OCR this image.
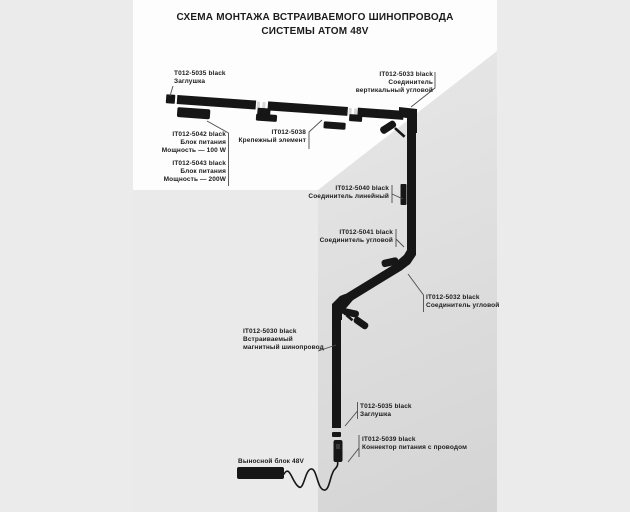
СХЕМА МОНТАЖА ВСТРАИВАЕМОГО ШИНОПРОВОДА
СИСТЕМЫ ATOM 48V
T012-5035 black
Заглушка
IT012-5033 black
Соединитель
вертикальный угловой
IT012-5042 black
Блок питания
Мощность — 100 W
IT012-5043 black
Блок питания
Мощность — 200W
IT012-5038
Крепежный элемент
IT012-5040 black
Соединитель линейный
IT012-5041 black
Соединитель угловой
IT012-5032 black
Соединитель угловой
IT012-5030 black
Встраиваемый
магнитный шинопровод
T012-5035 black
Заглушка
IT012-5039 black
Коннектор питания с проводом
Выносной блок 48V
